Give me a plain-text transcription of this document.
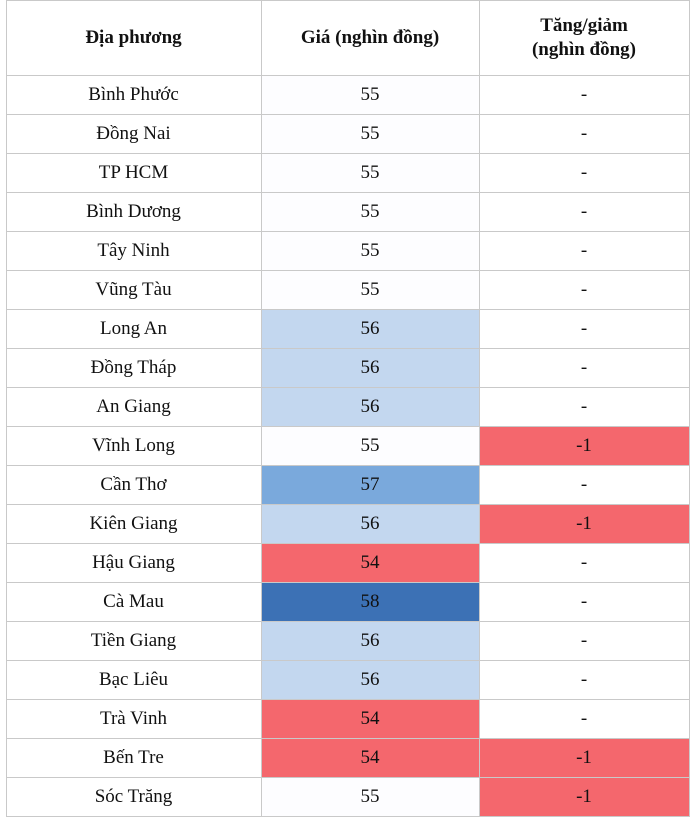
Địa phương	Giá (nghìn đồng)	Tăng/giảm
(nghìn đồng)

Bình Phước	55	-

Đồng Nai	55	-

TP HCM	55	-

Bình Dương	55	-

Tây Ninh	55	-

Vũng Tàu	55	-

Long An	56	-

Đồng Tháp	56	-

An Giang	56	-

Vĩnh Long	55	-1

Cần Thơ	57	-

Kiên Giang	56	-1

Hậu Giang	54	-

Cà Mau	58	-

Tiền Giang	56	-

Bạc Liêu	56	-

Trà Vinh	54	-

Bến Tre	54	-1

Sóc Trăng	55	-1
